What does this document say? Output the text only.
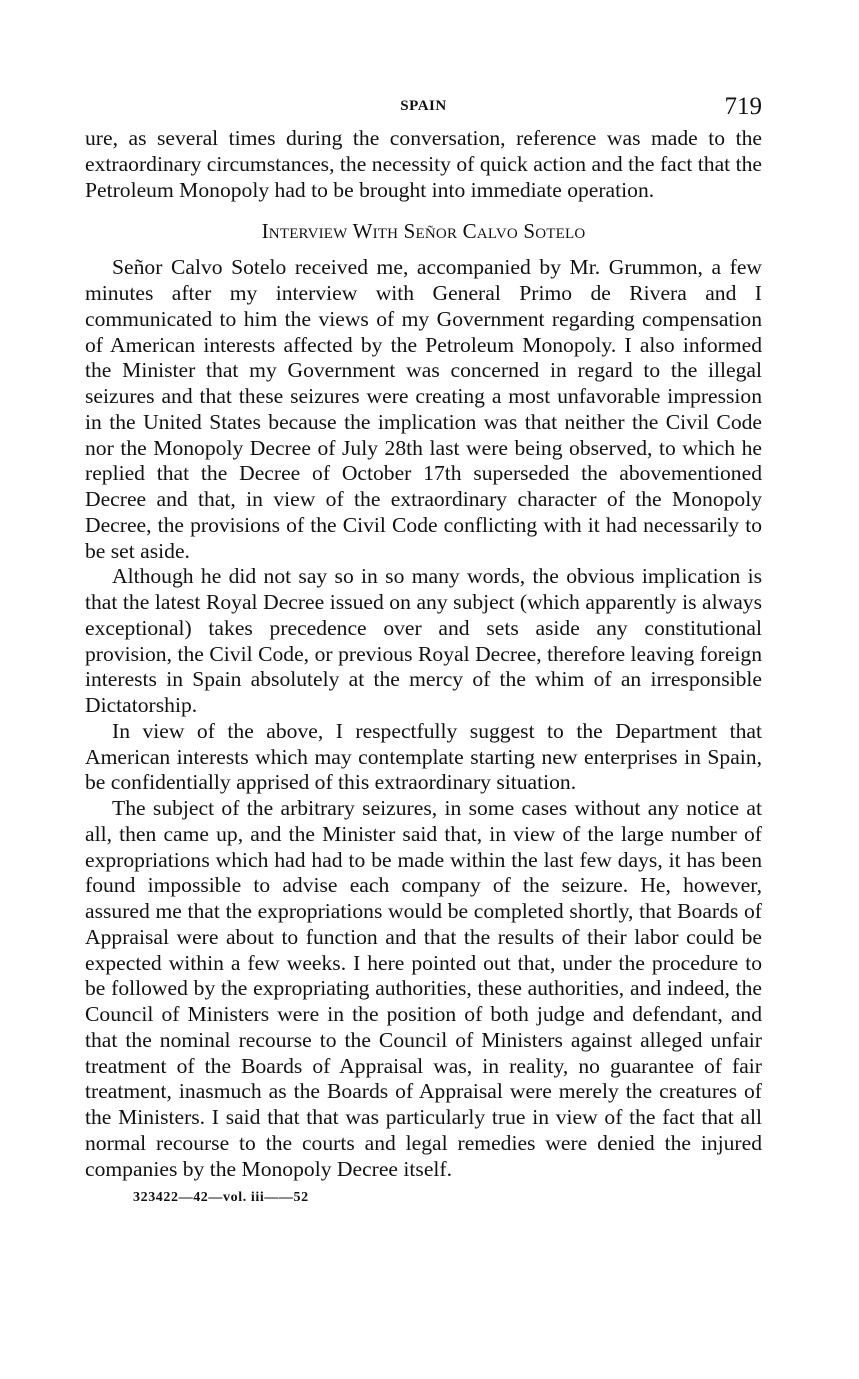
SPAIN	719

ure, as several times during the conversation, reference was made to the extraordinary circumstances, the necessity of quick action and the fact that the Petroleum Monopoly had to be brought into immediate operation.

Interview With Señor Calvo Sotelo

Señor Calvo Sotelo received me, accompanied by Mr. Grummon, a few minutes after my interview with General Primo de Rivera and I communicated to him the views of my Government regarding compensation of American interests affected by the Petroleum Monopoly. I also informed the Minister that my Government was concerned in regard to the illegal seizures and that these seizures were creating a most unfavorable impression in the United States because the implication was that neither the Civil Code nor the Monopoly Decree of July 28th last were being observed, to which he replied that the Decree of October 17th superseded the abovementioned Decree and that, in view of the extraordinary character of the Monopoly Decree, the provisions of the Civil Code conflicting with it had necessarily to be set aside.

Although he did not say so in so many words, the obvious implication is that the latest Royal Decree issued on any subject (which apparently is always exceptional) takes precedence over and sets aside any constitutional provision, the Civil Code, or previous Royal Decree, therefore leaving foreign interests in Spain absolutely at the mercy of the whim of an irresponsible Dictatorship.

In view of the above, I respectfully suggest to the Department that American interests which may contemplate starting new enterprises in Spain, be confidentially apprised of this extraordinary situation.

The subject of the arbitrary seizures, in some cases without any notice at all, then came up, and the Minister said that, in view of the large number of expropriations which had had to be made within the last few days, it has been found impossible to advise each company of the seizure. He, however, assured me that the expropriations would be completed shortly, that Boards of Appraisal were about to function and that the results of their labor could be expected within a few weeks. I here pointed out that, under the procedure to be followed by the expropriating authorities, these authorities, and indeed, the Council of Ministers were in the position of both judge and defendant, and that the nominal recourse to the Council of Ministers against alleged unfair treatment of the Boards of Appraisal was, in reality, no guarantee of fair treatment, inasmuch as the Boards of Appraisal were merely the creatures of the Ministers. I said that that was particularly true in view of the fact that all normal recourse to the courts and legal remedies were denied the injured companies by the Monopoly Decree itself.

323422—42—vol. iii——52
